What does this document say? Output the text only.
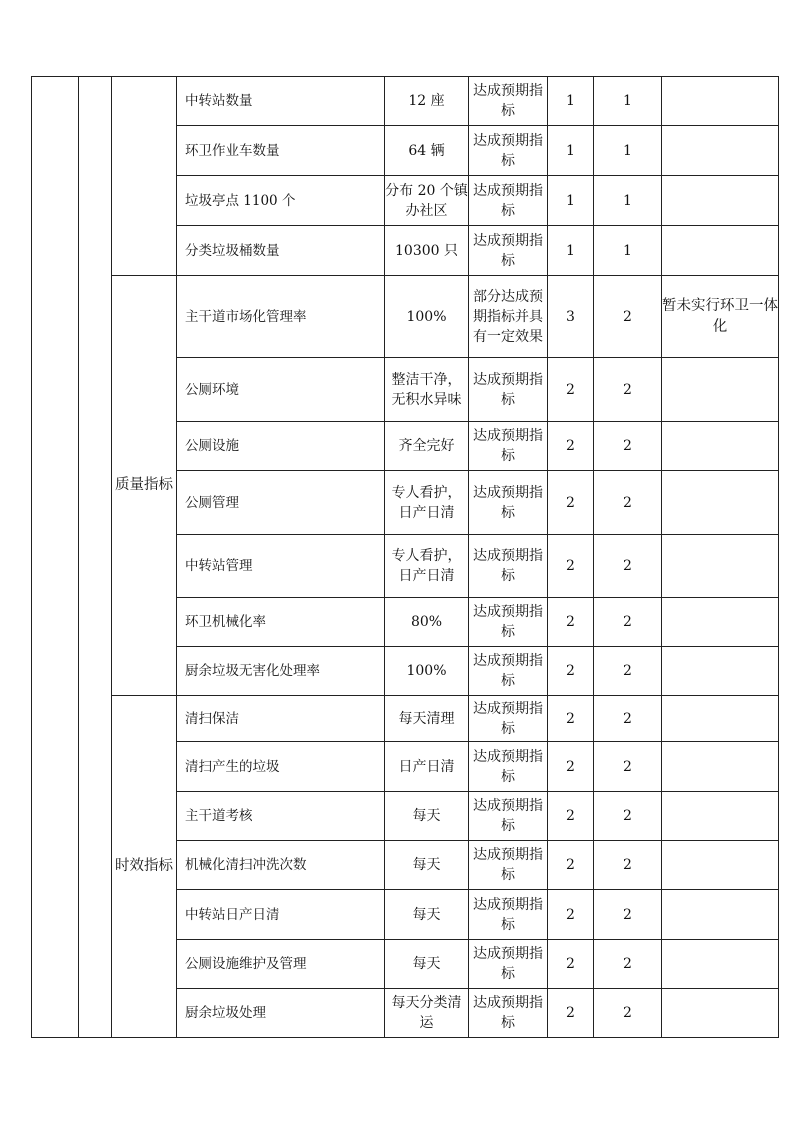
			中转站数量	12 座	达成预期指标	1	1	
			环卫作业车数量	64 辆	达成预期指标	1	1	
			垃圾亭点 1100 个	分布 20 个镇办社区	达成预期指标	1	1	
			分类垃圾桶数量	10300 只	达成预期指标	1	1	
		质量指标	主干道市场化管理率	100%	部分达成预期指标并具有一定效果	3	2	暂未实行环卫一体化
			公厕环境	整洁干净，无积水异味	达成预期指标	2	2	
			公厕设施	齐全完好	达成预期指标	2	2	
			公厕管理	专人看护，日产日清	达成预期指标	2	2	
			中转站管理	专人看护，日产日清	达成预期指标	2	2	
			环卫机械化率	80%	达成预期指标	2	2	
			厨余垃圾无害化处理率	100%	达成预期指标	2	2	
		时效指标	清扫保洁	每天清理	达成预期指标	2	2	
			清扫产生的垃圾	日产日清	达成预期指标	2	2	
			主干道考核	每天	达成预期指标	2	2	
			机械化清扫冲洗次数	每天	达成预期指标	2	2	
			中转站日产日清	每天	达成预期指标	2	2	
			公厕设施维护及管理	每天	达成预期指标	2	2	
			厨余垃圾处理	每天分类清运	达成预期指标	2	2	
